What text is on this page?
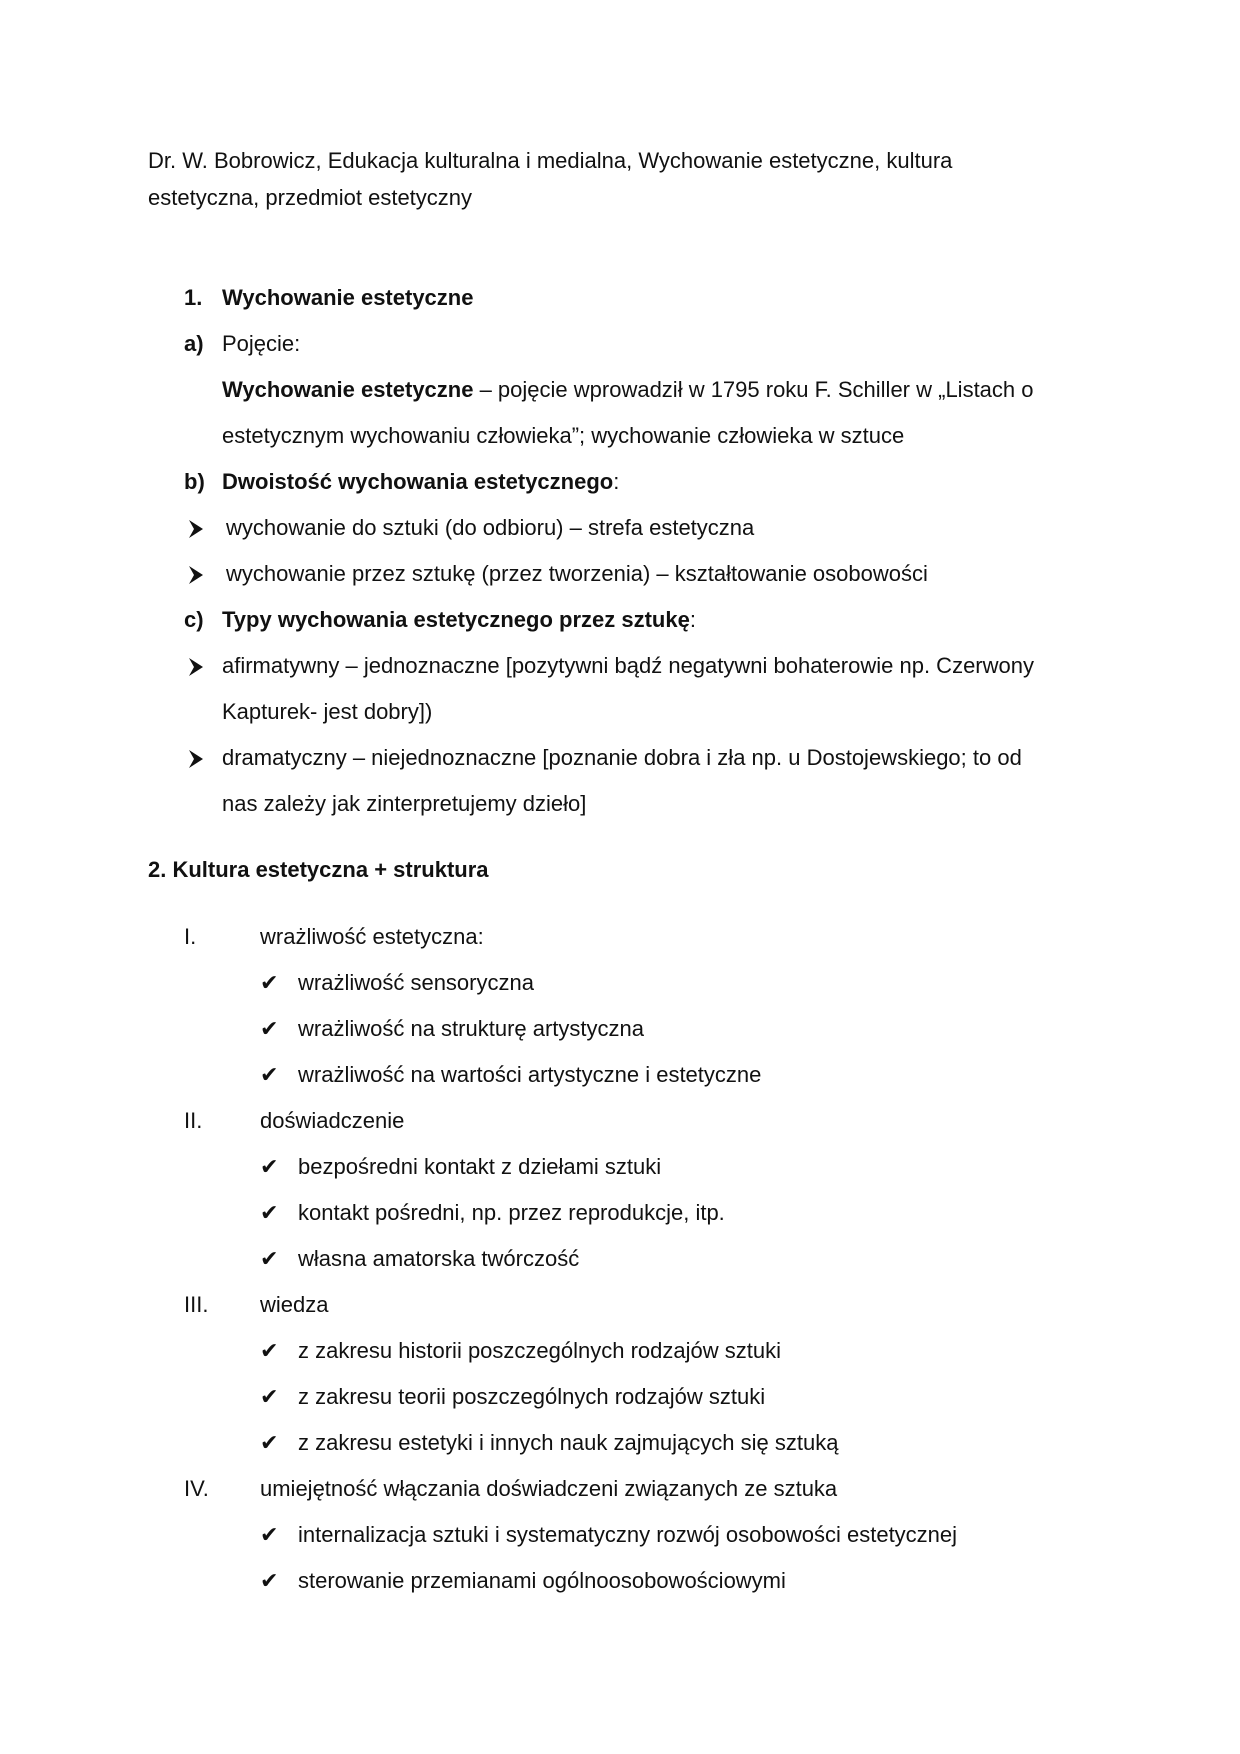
Dr. W. Bobrowicz, Edukacja kulturalna i medialna, Wychowanie estetyczne, kultura
estetyczna, przedmiot estetyczny
1. Wychowanie estetyczne
a) Pojęcie:
Wychowanie estetyczne – pojęcie wprowadził w 1795 roku F. Schiller w „Listach o
estetycznym wychowaniu człowieka”; wychowanie człowieka w sztuce
b) Dwoistość wychowania estetycznego:
wychowanie do sztuki (do odbioru) – strefa estetyczna
wychowanie przez sztukę (przez tworzenia) – kształtowanie osobowości
c) Typy wychowania estetycznego przez sztukę:
afirmatywny – jednoznaczne [pozytywni bądź negatywni bohaterowie np. Czerwony
Kapturek- jest dobry])
dramatyczny – niejednoznaczne [poznanie dobra i zła np. u Dostojewskiego; to od
nas zależy jak zinterpretujemy dzieło]
2. Kultura estetyczna + struktura
I.	wrażliwość estetyczna:
✔ wrażliwość sensoryczna
✔ wrażliwość na strukturę artystyczna
✔ wrażliwość na wartości artystyczne i estetyczne
II.	doświadczenie
✔ bezpośredni kontakt z dziełami sztuki
✔ kontakt pośredni, np. przez reprodukcje, itp.
✔ własna amatorska twórczość
III. wiedza
✔ z zakresu historii poszczególnych rodzajów sztuki
✔ z zakresu teorii poszczególnych rodzajów sztuki
✔ z zakresu estetyki i innych nauk zajmujących się sztuką
IV. umiejętność włączania doświadczeni związanych ze sztuka
✔ internalizacja sztuki i systematyczny rozwój osobowości estetycznej
✔ sterowanie przemianami ogólnoosobowościowymi
